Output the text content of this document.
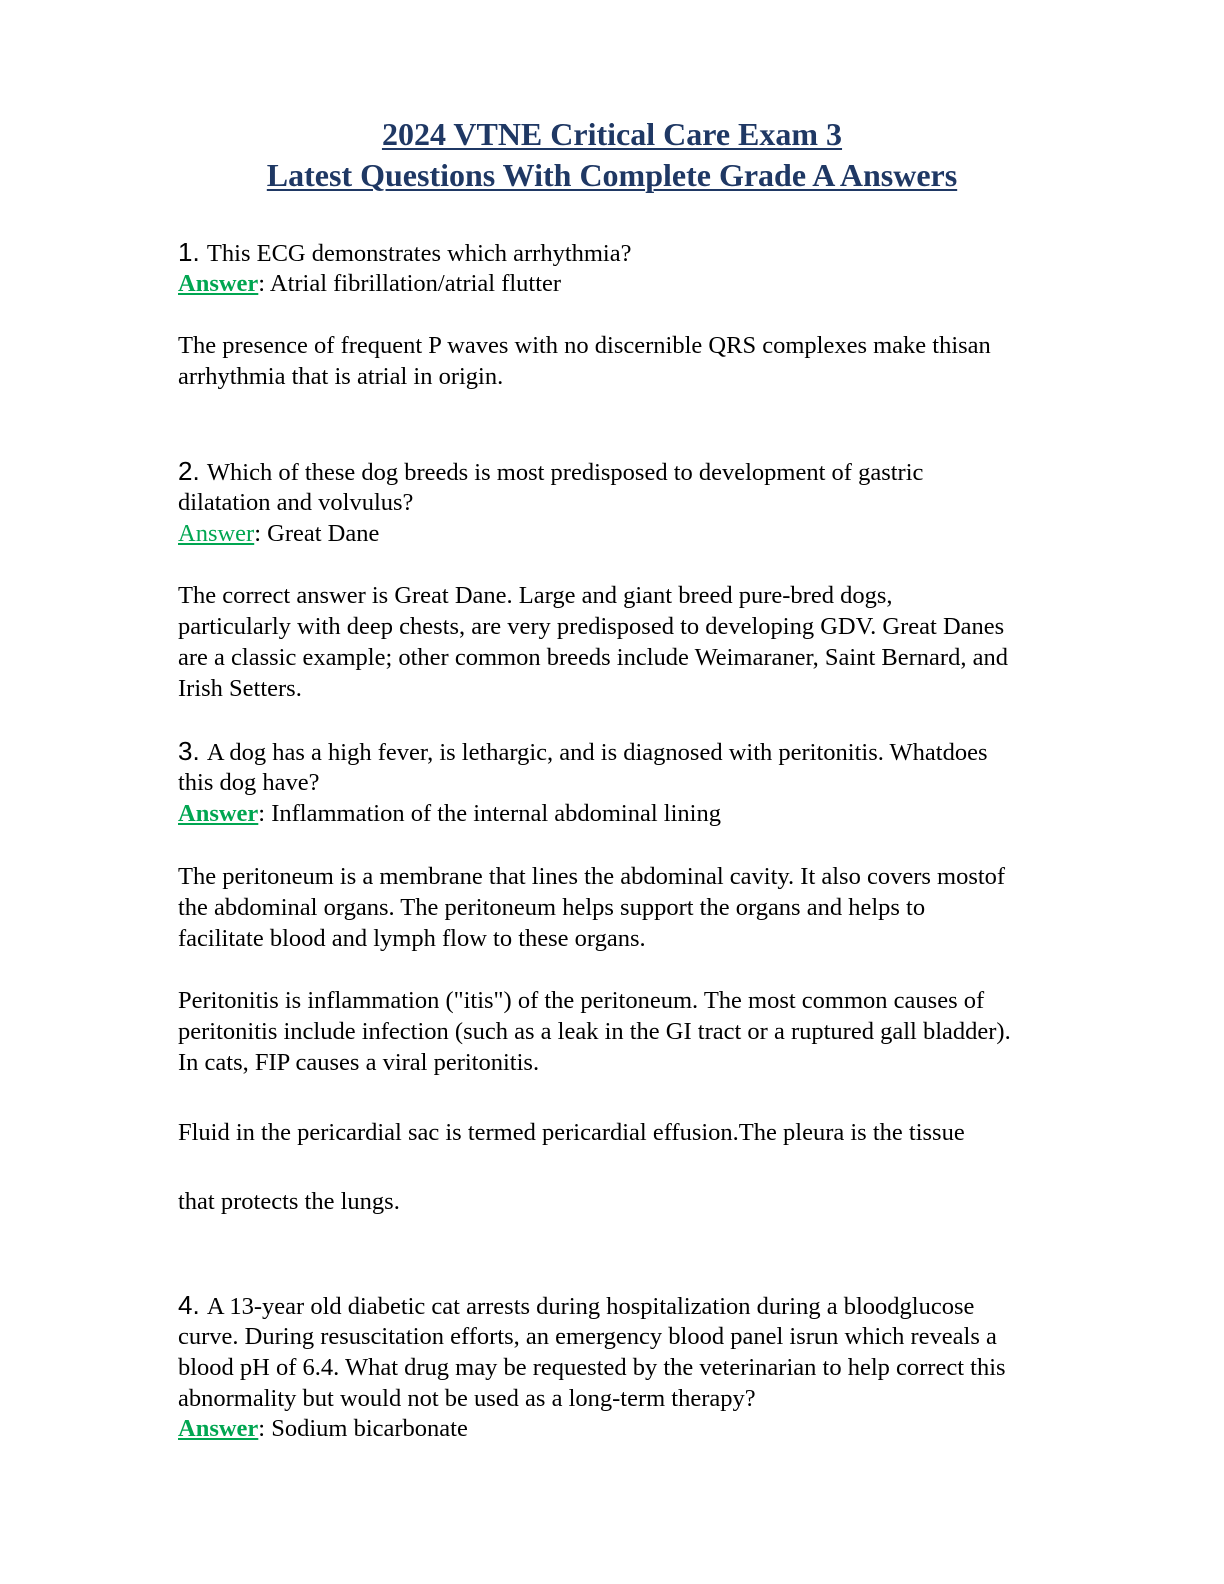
2024 VTNE Critical Care Exam 3
Latest Questions With Complete Grade A Answers
1. This ECG demonstrates which arrhythmia?
Answer: Atrial fibrillation/atrial flutter
The presence of frequent P waves with no discernible QRS complexes make thisan
arrhythmia that is atrial in origin.
2. Which of these dog breeds is most predisposed to development of gastric
dilatation and volvulus?
Answer: Great Dane
The correct answer is Great Dane. Large and giant breed pure-bred dogs,
particularly with deep chests, are very predisposed to developing GDV. Great Danes
are a classic example; other common breeds include Weimaraner, Saint Bernard, and
Irish Setters.
3. A dog has a high fever, is lethargic, and is diagnosed with peritonitis. Whatdoes
this dog have?
Answer: Inflammation of the internal abdominal lining
The peritoneum is a membrane that lines the abdominal cavity. It also covers mostof
the abdominal organs. The peritoneum helps support the organs and helps to
facilitate blood and lymph flow to these organs.
Peritonitis is inflammation ("itis") of the peritoneum. The most common causes of
peritonitis include infection (such as a leak in the GI tract or a ruptured gall bladder).
In cats, FIP causes a viral peritonitis.
Fluid in the pericardial sac is termed pericardial effusion.The pleura is the tissue
that protects the lungs.
4. A 13-year old diabetic cat arrests during hospitalization during a bloodglucose
curve. During resuscitation efforts, an emergency blood panel isrun which reveals a
blood pH of 6.4. What drug may be requested by the veterinarian to help correct this
abnormality but would not be used as a long-term therapy?
Answer: Sodium bicarbonate
